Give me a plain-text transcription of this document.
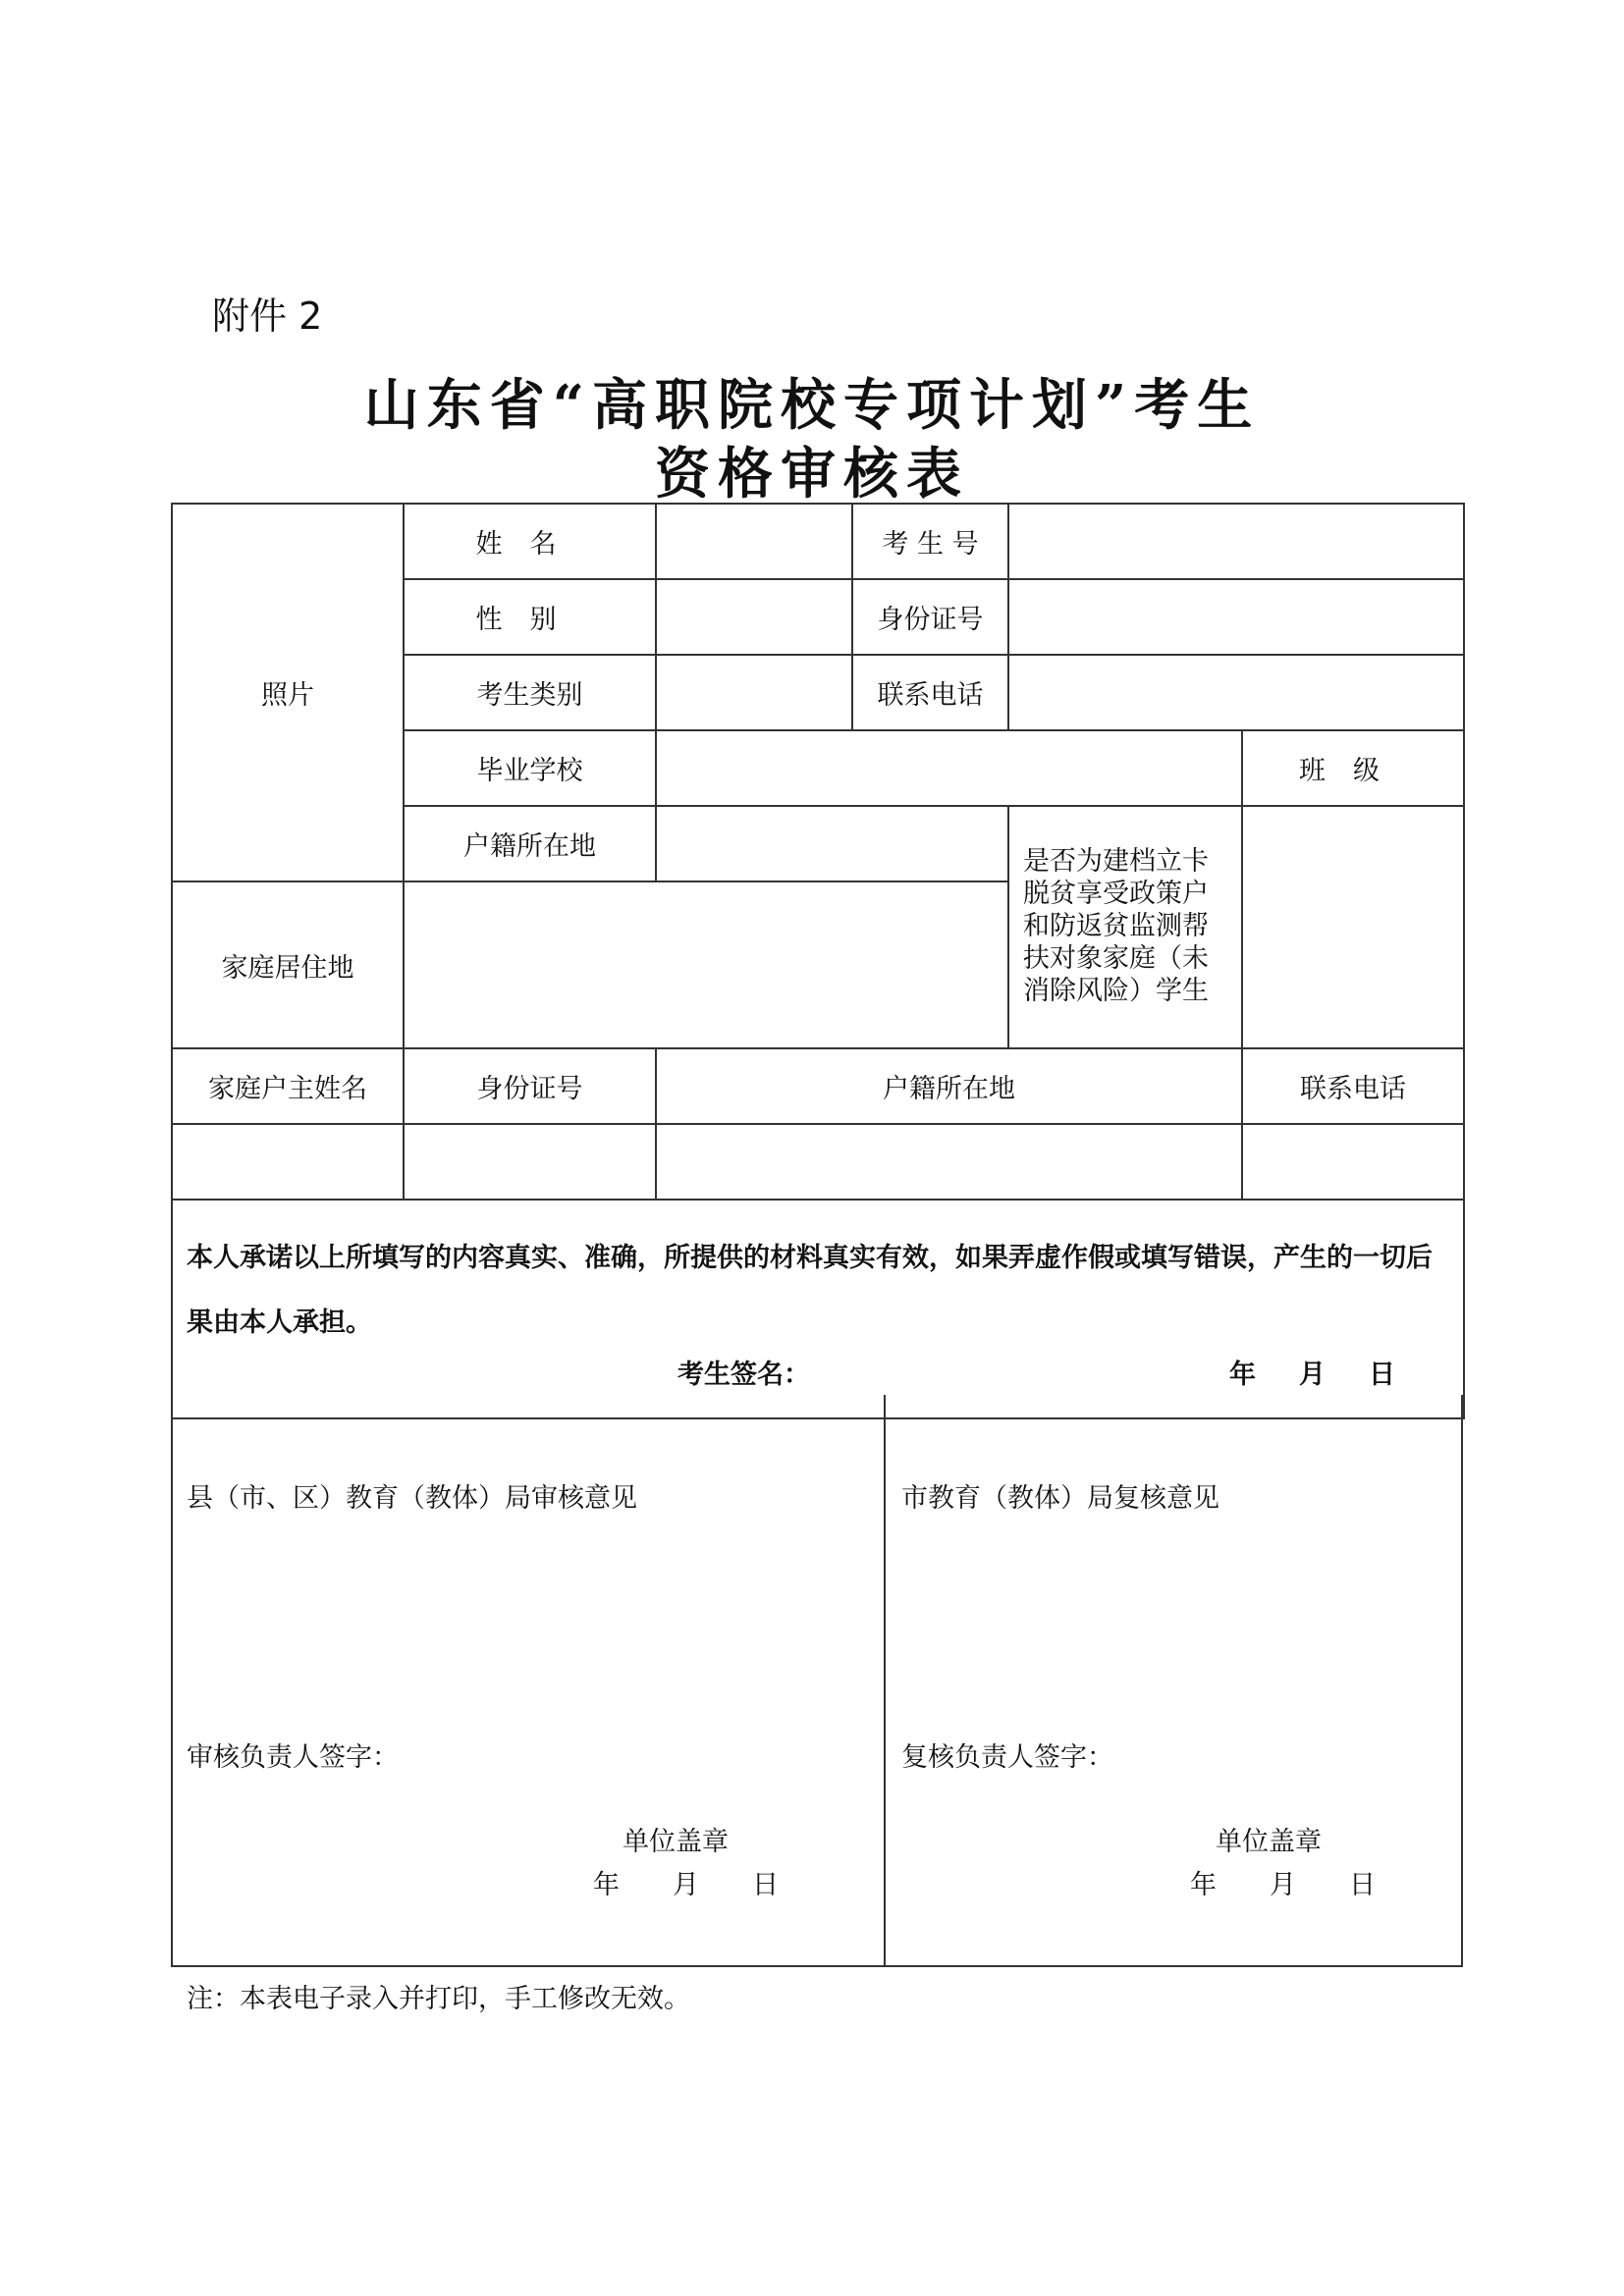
附件 2
山东省“高职院校专项计划”考生
资格审核表
照片	姓名		考 生 号			
	性别		身份证号			
	考生类别		联系电话			
	毕业学校				班级	
	户籍所在地			是否为建档立卡脱贫享受政策户和防返贫监测帮扶对象家庭（未消除风险）学生		
家庭居住地						
家庭户主姓名	身份证号	户籍所在地			联系电话	

本人承诺以上所填写的内容真实、准确，所提供的材料真实有效，如果弄虚作假或填写错误，产生的一切后果由本人承担。
考生签名： 年 月 日						
县（市、区）教育（教体）局审核意见
审核负责人签字：
单位盖章
年　　月　　日
市教育（教体）局复核意见
复核负责人签字：
单位盖章
年　　月　　日
注：本表电子录入并打印，手工修改无效。
